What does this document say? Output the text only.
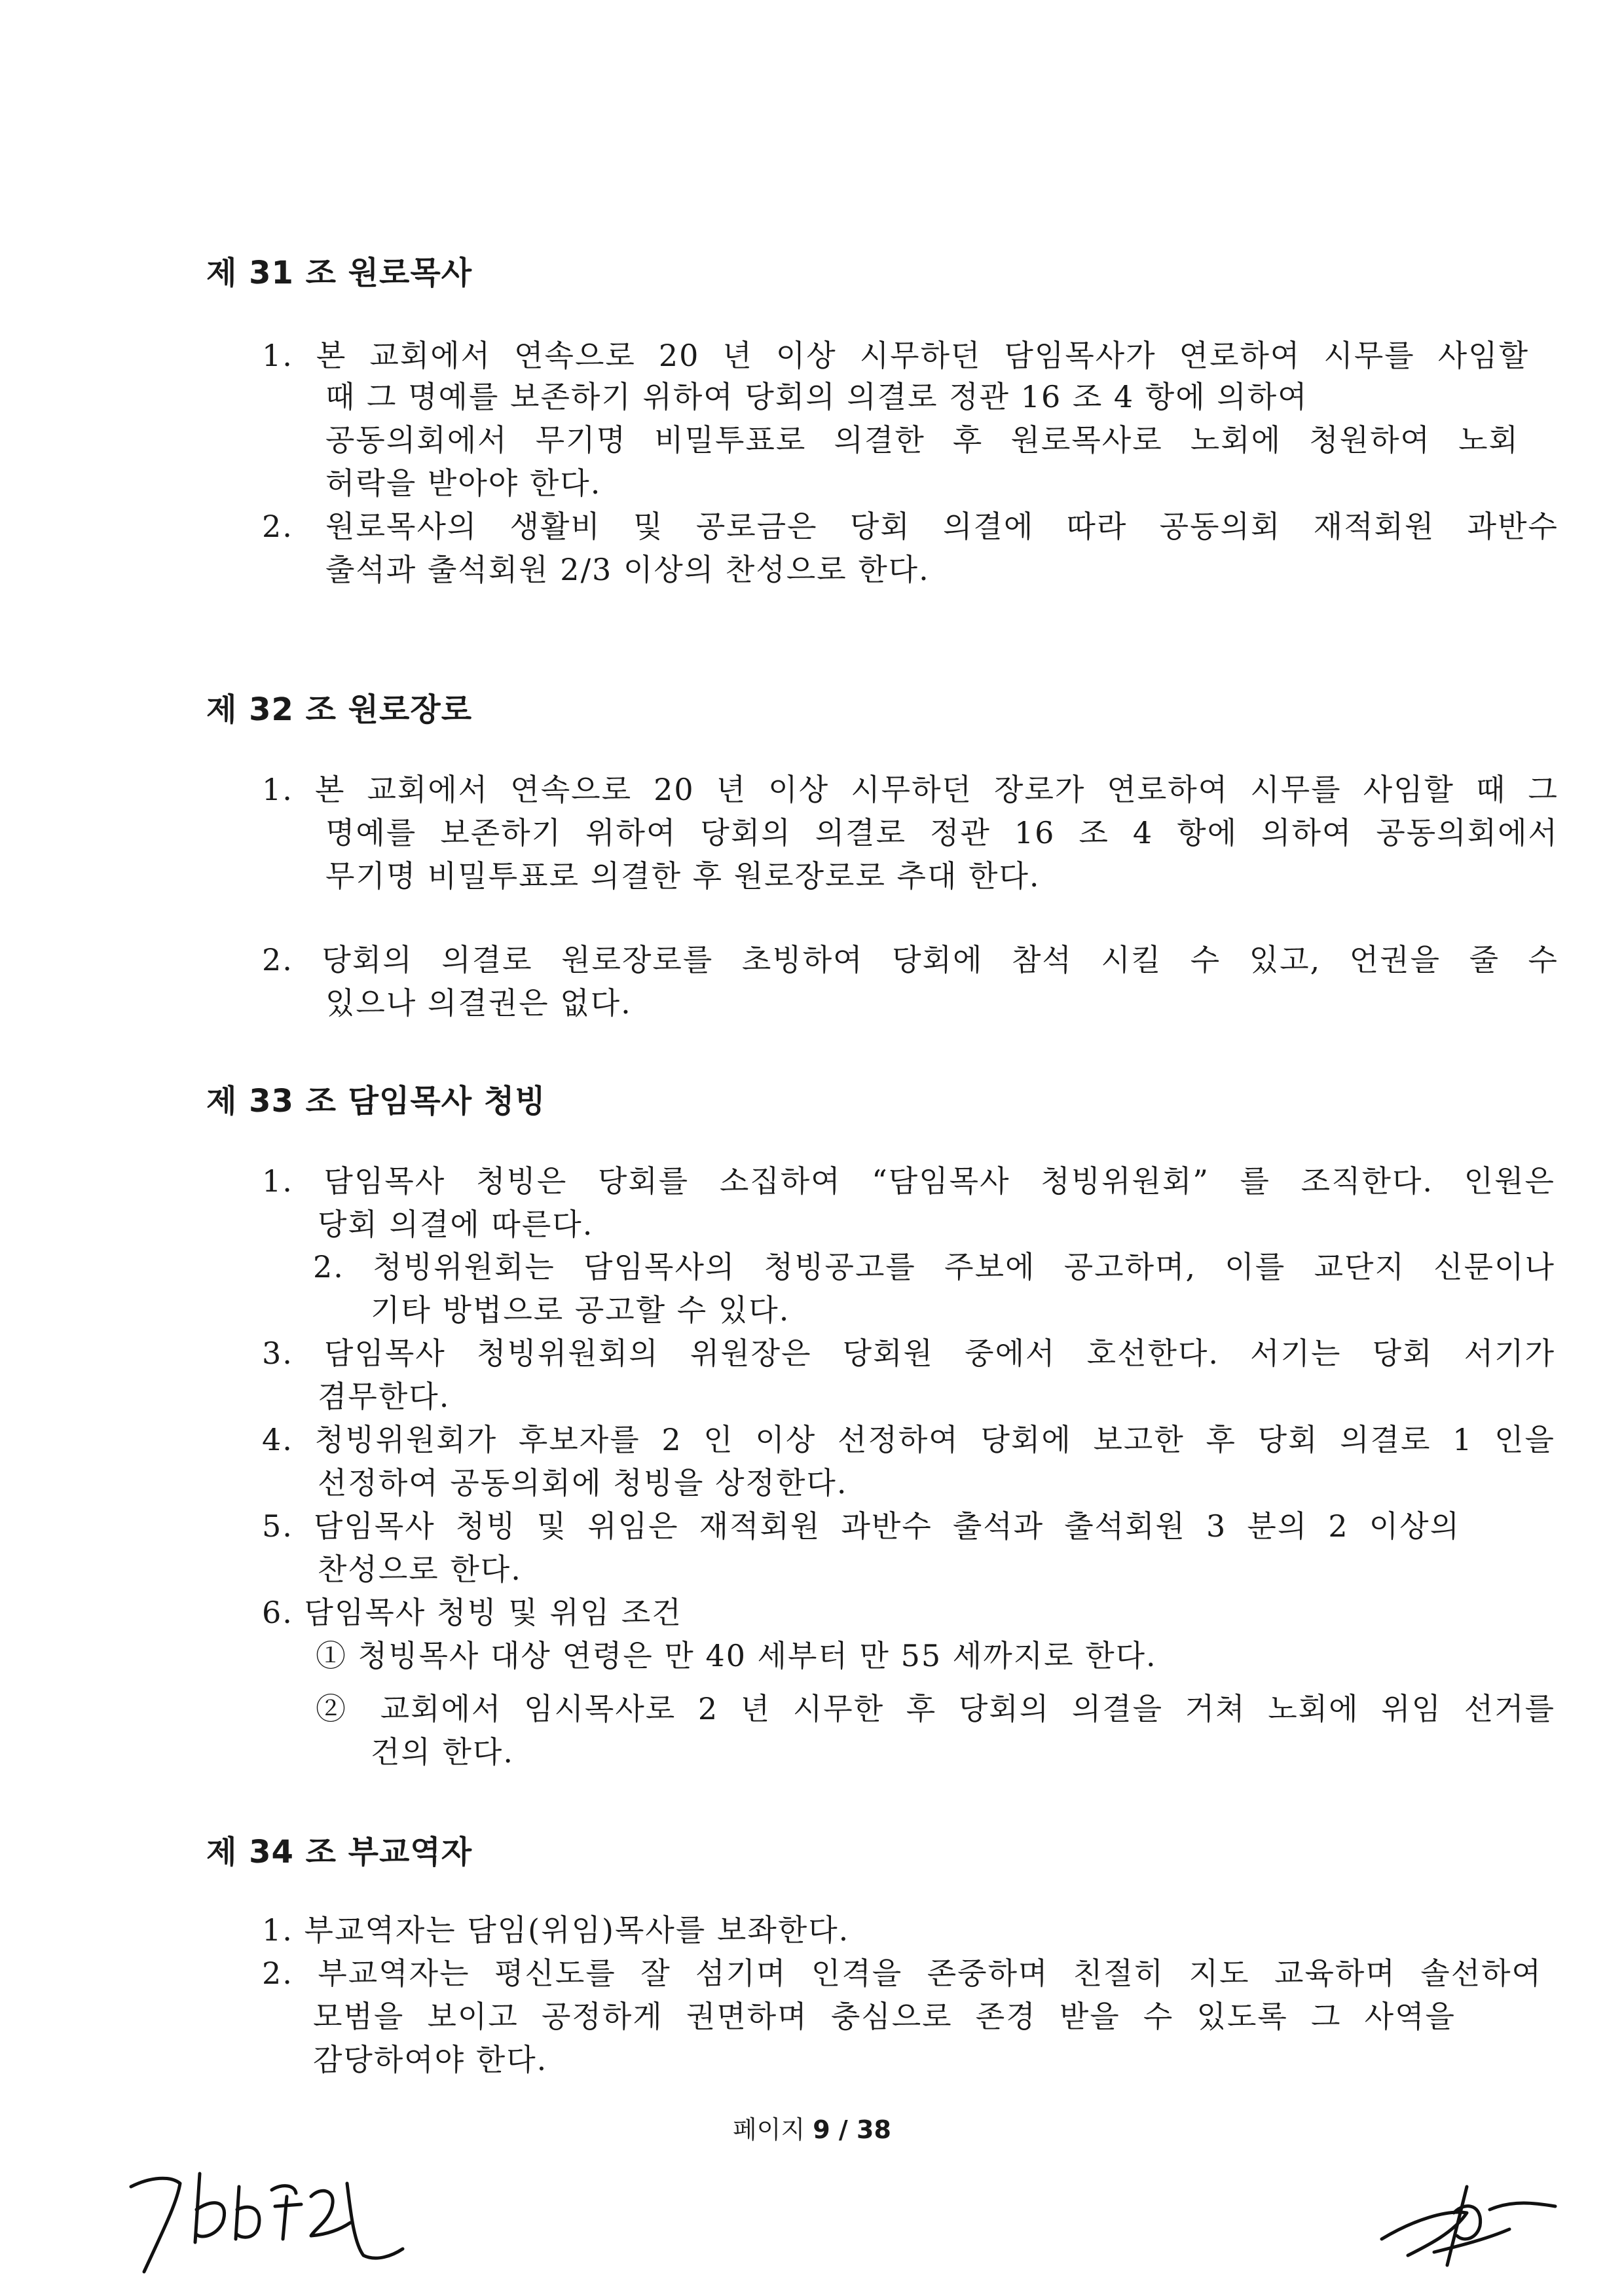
제 31 조 원로목사
1. 본 교회에서 연속으로 20 년 이상 시무하던 담임목사가 연로하여 시무를 사임할
때 그 명예를 보존하기 위하여 당회의 의결로 정관 16 조 4 항에 의하여
공동의회에서 무기명 비밀투표로 의결한 후 원로목사로 노회에 청원하여 노회
허락을 받아야 한다.
2. 원로목사의 생활비 및 공로금은 당회 의결에 따라 공동의회 재적회원 과반수
출석과 출석회원 2/3 이상의 찬성으로 한다.
제 32 조 원로장로
1. 본 교회에서 연속으로 20 년 이상 시무하던 장로가 연로하여 시무를 사임할 때 그
명예를 보존하기 위하여 당회의 의결로 정관 16 조 4 항에 의하여 공동의회에서
무기명 비밀투표로 의결한 후 원로장로로 추대 한다.
2. 당회의 의결로 원로장로를 초빙하여 당회에 참석 시킬 수 있고, 언권을 줄 수
있으나 의결권은 없다.
제 33 조 담임목사 청빙
1. 담임목사 청빙은 당회를 소집하여 “담임목사 청빙위원회” 를 조직한다. 인원은
당회 의결에 따른다.
2. 청빙위원회는 담임목사의 청빙공고를 주보에 공고하며, 이를 교단지 신문이나
기타 방법으로 공고할 수 있다.
3. 담임목사 청빙위원회의 위원장은 당회원 중에서 호선한다. 서기는 당회 서기가
겸무한다.
4. 청빙위원회가 후보자를 2 인 이상 선정하여 당회에 보고한 후 당회 의결로 1 인을
선정하여 공동의회에 청빙을 상정한다.
5. 담임목사 청빙 및 위임은 재적회원 과반수 출석과 출석회원 3 분의 2 이상의
찬성으로 한다.
6. 담임목사 청빙 및 위임 조건
① 청빙목사 대상 연령은 만 40 세부터 만 55 세까지로 한다.
② 교회에서 임시목사로 2 년 시무한 후 당회의 의결을 거쳐 노회에 위임 선거를
건의 한다.
제 34 조 부교역자
1. 부교역자는 담임(위임)목사를 보좌한다.
2. 부교역자는 평신도를 잘 섬기며 인격을 존중하며 친절히 지도 교육하며 솔선하여
모범을 보이고 공정하게 권면하며 충심으로 존경 받을 수 있도록 그 사역을
감당하여야 한다.
페이지 9 / 38
